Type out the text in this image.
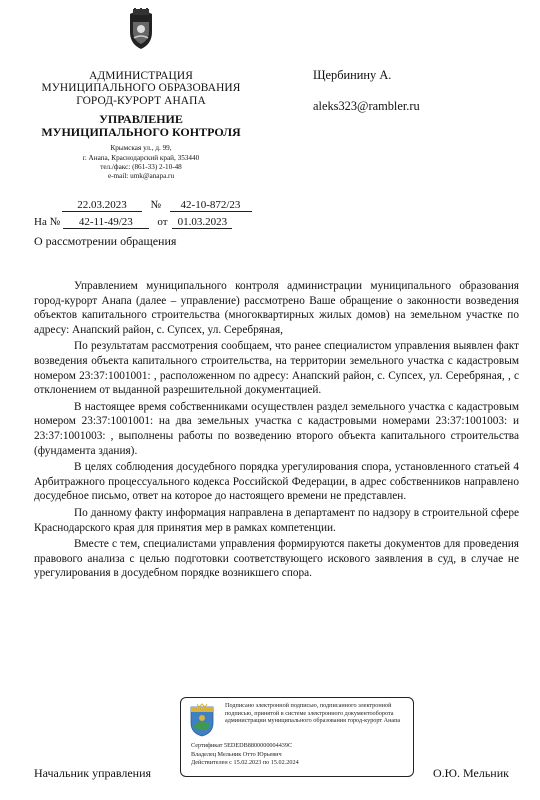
АДМИНИСТРАЦИЯ
МУНИЦИПАЛЬНОГО ОБРАЗОВАНИЯ
ГОРОД-КУРОРТ АНАПА
УПРАВЛЕНИЕ
МУНИЦИПАЛЬНОГО КОНТРОЛЯ
Крымская ул., д. 99,
г. Анапа, Краснодарский край, 353440
тел./факс: (861-33) 2-10-48
e-mail: umk@anapa.ru
22.03.2023 № 42-10-872/23
На № 42-11-49/23 от 01.03.2023
О рассмотрении обращения
Щербинину А.
aleks323@rambler.ru

Управлением муниципального контроля администрации муниципального образования город-курорт Анапа (далее – управление) рассмотрено Ваше обращение о законности возведения объектов капитального строительства (многоквартирных жилых домов) на земельном участке по адресу: Анапский район, с. Супсех, ул. Серебряная,

По результатам рассмотрения сообщаем, что ранее специалистом управления выявлен факт возведения объекта капитального строительства, на территории земельного участка с кадастровым номером 23:37:1001001: , расположенном по адресу: Анапский район, с. Супсех, ул. Серебряная, , с отклонением от выданной разрешительной документацией.

В настоящее время собственниками осуществлен раздел земельного участка с кадастровым номером 23:37:1001001: на два земельных участка с кадастровыми номерами 23:37:1001003: и 23:37:1001003: , выполнены работы по возведению второго объекта капитального строительства (фундамента здания).

В целях соблюдения досудебного порядка урегулирования спора, установленного статьей 4 Арбитражного процессуального кодекса Российской Федерации, в адрес собственников направлено досудебное письмо, ответ на которое до настоящего времени не представлен.

По данному факту информация направлена в департамент по надзору в строительной сфере Краснодарского края для принятия мер в рамках компетенции.

Вместе с тем, специалистами управления формируются пакеты документов для проведения правового анализа с целью подготовки соответствующего искового заявления в суд, в случае не урегулирования в досудебном порядке возникшего спора.

Подписано электронной подписью, подписанного электронной подписью, принятой в системе электронного документооборота администрации муниципального образования город-курорт Анапа
Сертификат 5EDEDB8800000004439C
Владелец Мельник Отто Юрьевич
Действителен с 15.02.2023 по 15.02.2024
Начальник управления	О.Ю. Мельник
